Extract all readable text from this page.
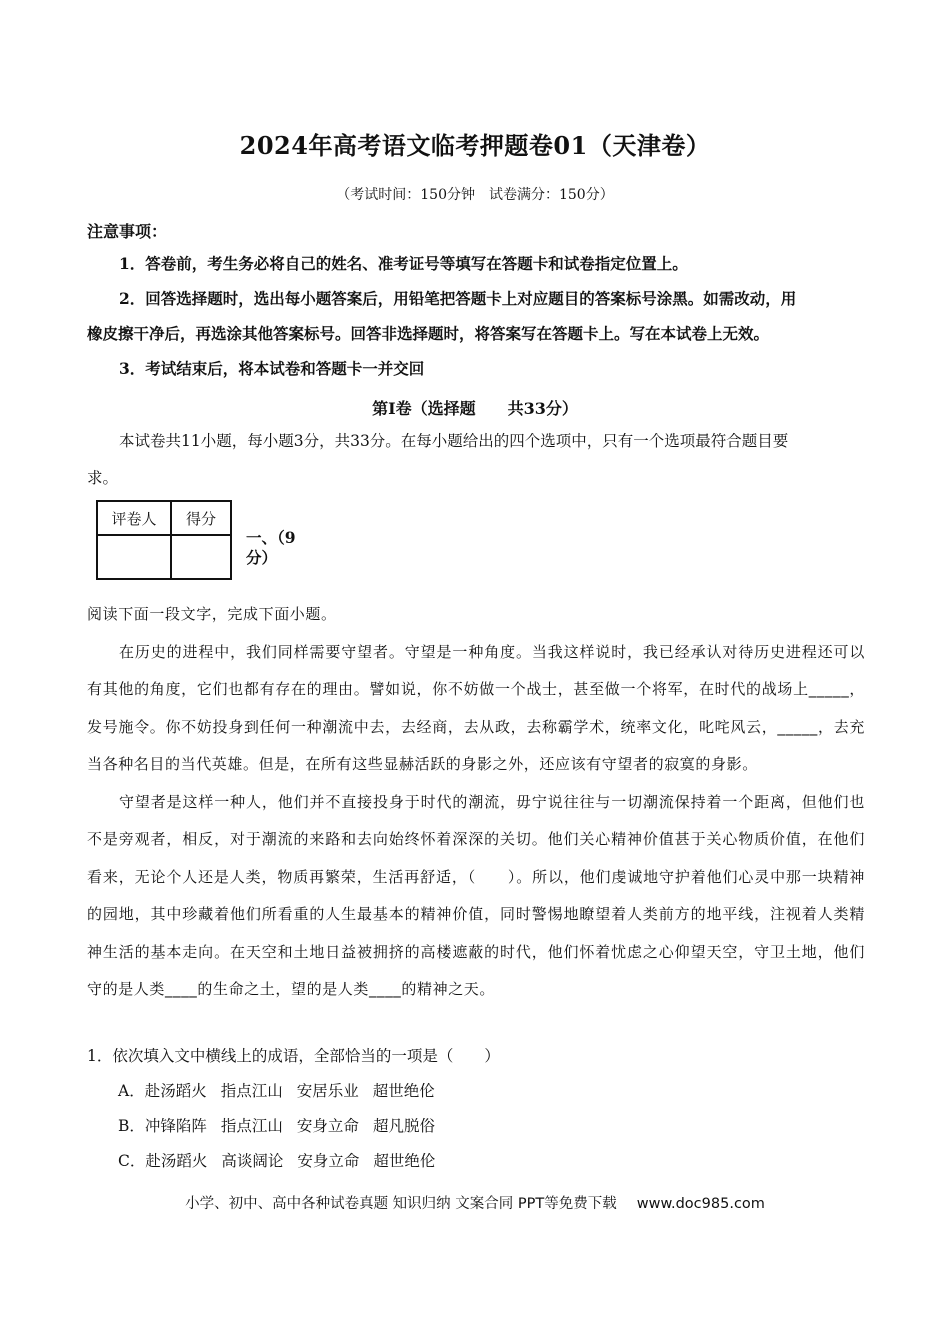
2024年高考语文临考押题卷01（天津卷）
（考试时间：150分钟　试卷满分：150分）
注意事项：
1．答卷前，考生务必将自己的姓名、准考证号等填写在答题卡和试卷指定位置上。
2．回答选择题时，选出每小题答案后，用铅笔把答题卡上对应题目的答案标号涂黑。如需改动，用
橡皮擦干净后，再选涂其他答案标号。回答非选择题时，将答案写在答题卡上。写在本试卷上无效。
3．考试结束后，将本试卷和答题卡一并交回
第Ⅰ卷（选择题　　共33分）
本试卷共11小题，每小题3分，共33分。在每小题给出的四个选项中，只有一个选项最符合题目要
求。
评卷人	得分

一、（9
分）
阅读下面一段文字，完成下面小题。

在历史的进程中，我们同样需要守望者。守望是一种角度。当我这样说时，我已经承认对待历史进程还可以有其他的角度，它们也都有存在的理由。譬如说，你不妨做一个战士，甚至做一个将军，在时代的战场上_____，发号施令。你不妨投身到任何一种潮流中去，去经商，去从政，去称霸学术，统率文化，叱咤风云，_____，去充当各种名目的当代英雄。但是，在所有这些显赫活跃的身影之外，还应该有守望者的寂寞的身影。

守望者是这样一种人，他们并不直接投身于时代的潮流，毋宁说往往与一切潮流保持着一个距离，但他们也不是旁观者，相反，对于潮流的来路和去向始终怀着深深的关切。他们关心精神价值甚于关心物质价值，在他们看来，无论个人还是人类，物质再繁荣，生活再舒适，（　　）。所以，他们虔诚地守护着他们心灵中那一块精神的园地，其中珍藏着他们所看重的人生最基本的精神价值，同时警惕地瞭望着人类前方的地平线，注视着人类精神生活的基本走向。在天空和土地日益被拥挤的高楼遮蔽的时代，他们怀着忧虑之心仰望天空，守卫土地，他们守的是人类____的生命之土，望的是人类____的精神之天。

1．依次填入文中横线上的成语，全部恰当的一项是（　　）
A．赴汤蹈火 指点江山 安居乐业 超世绝伦
B．冲锋陷阵 指点江山 安身立命 超凡脱俗
C．赴汤蹈火 高谈阔论 安身立命 超世绝伦
小学、初中、高中各种试卷真题 知识归纳 文案合同 PPT等免费下载 www.doc985.com
